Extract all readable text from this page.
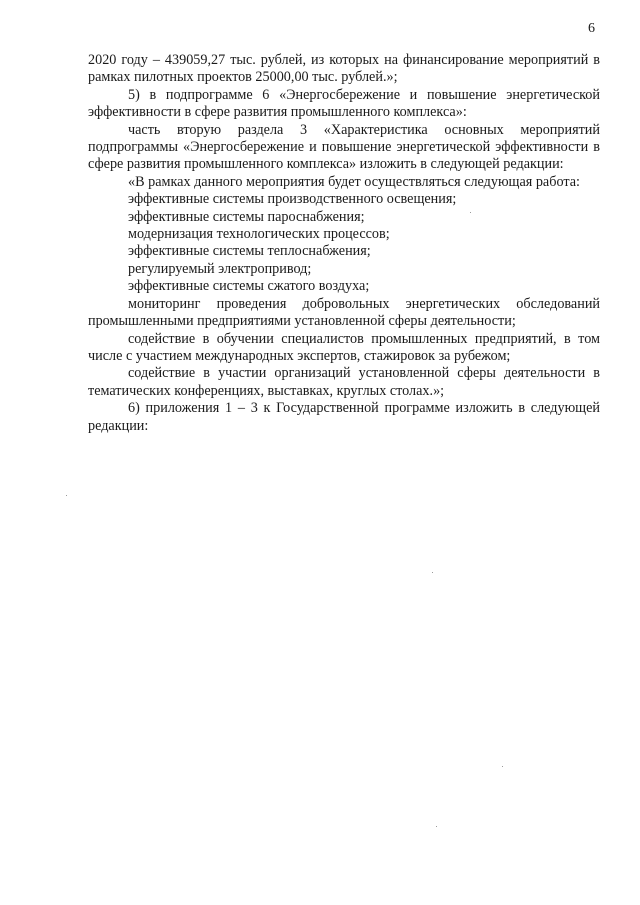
6

2020 году – 439059,27 тыс. рублей, из которых на финансирование мероприятий в рамках пилотных проектов 25000,00 тыс. рублей.»;

5) в подпрограмме 6 «Энергосбережение и повышение энергетической эффективности в сфере развития промышленного комплекса»:

часть вторую раздела 3 «Характеристика основных мероприятий подпрограммы «Энергосбережение и повышение энергетической эффективности в сфере развития промышленного комплекса» изложить в следующей редакции:

«В рамках данного мероприятия будет осуществляться следующая работа:

эффективные системы производственного освещения;

эффективные системы пароснабжения;

модернизация технологических процессов;

эффективные системы теплоснабжения;

регулируемый электропривод;

эффективные системы сжатого воздуха;

мониторинг проведения добровольных энергетических обследований промышленными предприятиями установленной сферы деятельности;

содействие в обучении специалистов промышленных предприятий, в том числе с участием международных экспертов, стажировок за рубежом;

содействие в участии организаций установленной сферы деятельности в тематических конференциях, выставках, круглых столах.»;

6) приложения 1 – 3 к Государственной программе изложить в следующей редакции:
